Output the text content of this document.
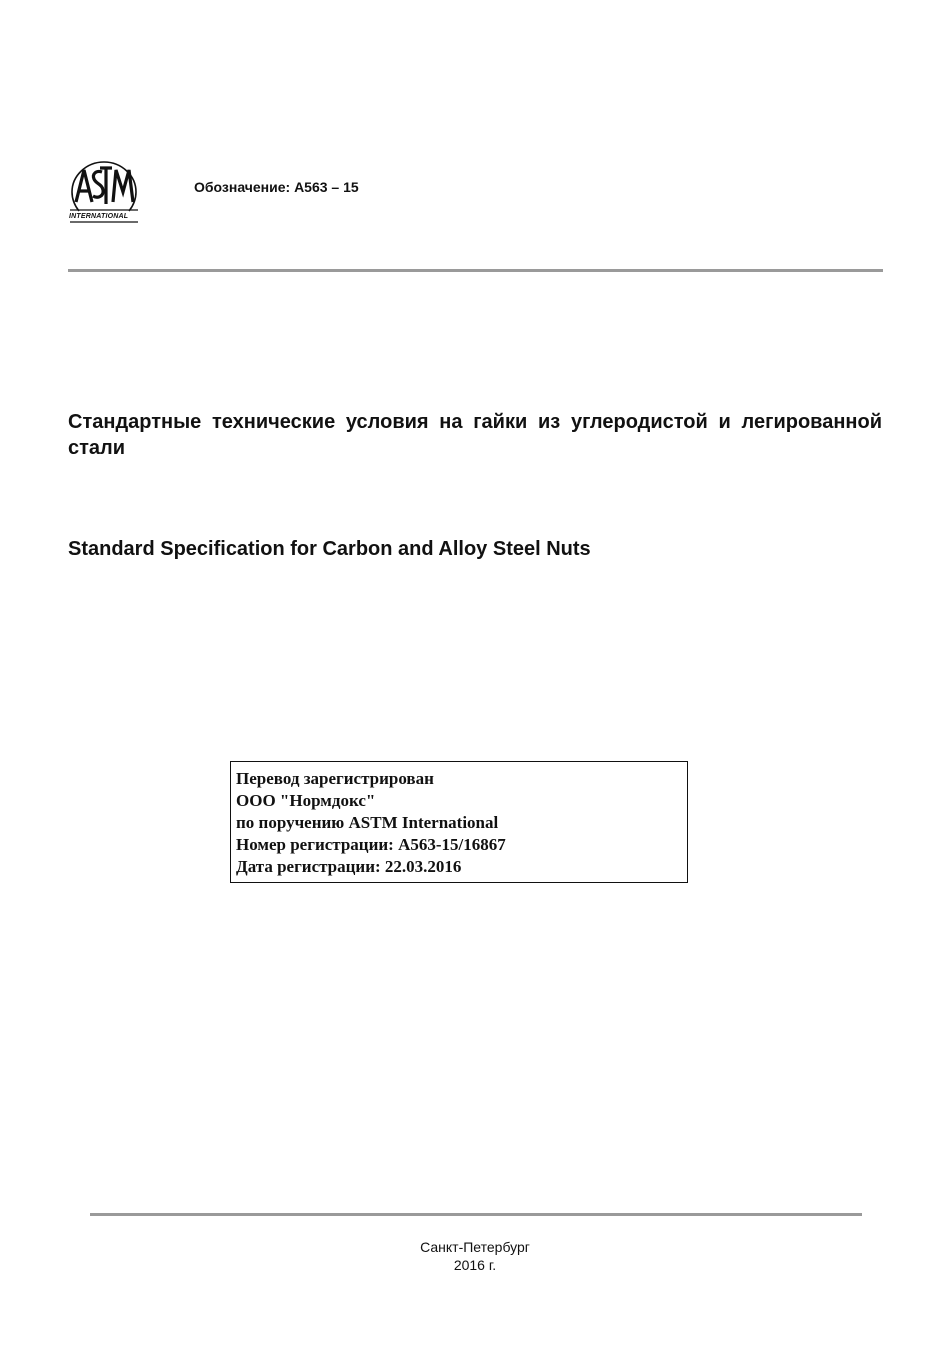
INTERNATIONAL
Обозначение: A563 – 15
Стандартные технические условия на гайки из углеродистой и легированной стали
Standard Specification for Carbon and Alloy Steel Nuts
Перевод зарегистрирован
ООО "Нормдокс"
по поручению ASTM International
Номер регистрации: A563-15/16867
Дата регистрации: 22.03.2016
Санкт-Петербург
2016 г.
